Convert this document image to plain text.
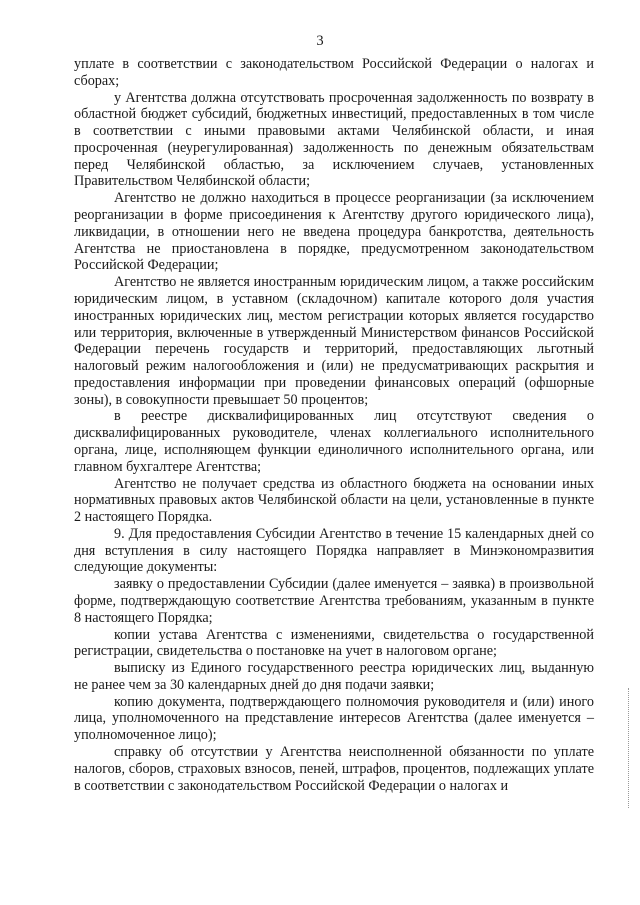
3

уплате в соответствии с законодательством Российской Федерации о налогах и сборах;

у Агентства должна отсутствовать просроченная задолженность по возврату в областной бюджет субсидий, бюджетных инвестиций, предоставленных в том числе в соответствии с иными правовыми актами Челябинской области, и иная просроченная (неурегулированная) задолженность по денежным обязательствам перед Челябинской областью, за исключением случаев, установленных Правительством Челябинской области;

Агентство не должно находиться в процессе реорганизации (за исключением реорганизации в форме присоединения к Агентству другого юридического лица), ликвидации, в отношении него не введена процедура банкротства, деятельность Агентства не приостановлена в порядке, предусмотренном законодательством Российской Федерации;

Агентство не является иностранным юридическим лицом, а также российским юридическим лицом, в уставном (складочном) капитале которого доля участия иностранных юридических лиц, местом регистрации которых является государство или территория, включенные в утвержденный Министерством финансов Российской Федерации перечень государств и территорий, предоставляющих льготный налоговый режим налогообложения и (или) не предусматривающих раскрытия и предоставления информации при проведении финансовых операций (офшорные зоны), в совокупности превышает 50 процентов;

в реестре дисквалифицированных лиц отсутствуют сведения о дисквалифицированных руководителе, членах коллегиального исполнительного органа, лице, исполняющем функции единоличного исполнительного органа, или главном бухгалтере Агентства;

Агентство не получает средства из областного бюджета на основании иных нормативных правовых актов Челябинской области на цели, установленные в пункте 2 настоящего Порядка.

9. Для предоставления Субсидии Агентство в течение 15 календарных дней со дня вступления в силу настоящего Порядка направляет в Минэкономразвития следующие документы:

заявку о предоставлении Субсидии (далее именуется – заявка) в произвольной форме, подтверждающую соответствие Агентства требованиям, указанным в пункте 8 настоящего Порядка;

копии устава Агентства с изменениями, свидетельства о государственной регистрации, свидетельства о постановке на учет в налоговом органе;

выписку из Единого государственного реестра юридических лиц, выданную не ранее чем за 30 календарных дней до дня подачи заявки;

копию документа, подтверждающего полномочия руководителя и (или) иного лица, уполномоченного на представление интересов Агентства (далее именуется – уполномоченное лицо);

справку об отсутствии у Агентства неисполненной обязанности по уплате налогов, сборов, страховых взносов, пеней, штрафов, процентов, подлежащих уплате в соответствии с законодательством Российской Федерации о налогах и
